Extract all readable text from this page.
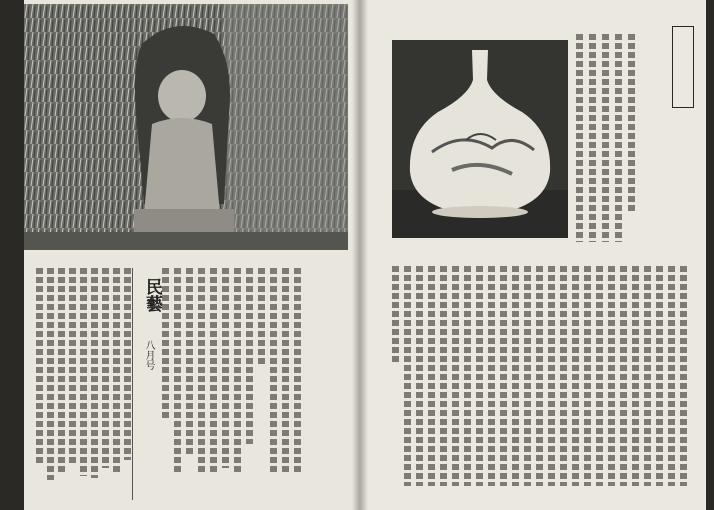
民藝
八月号
